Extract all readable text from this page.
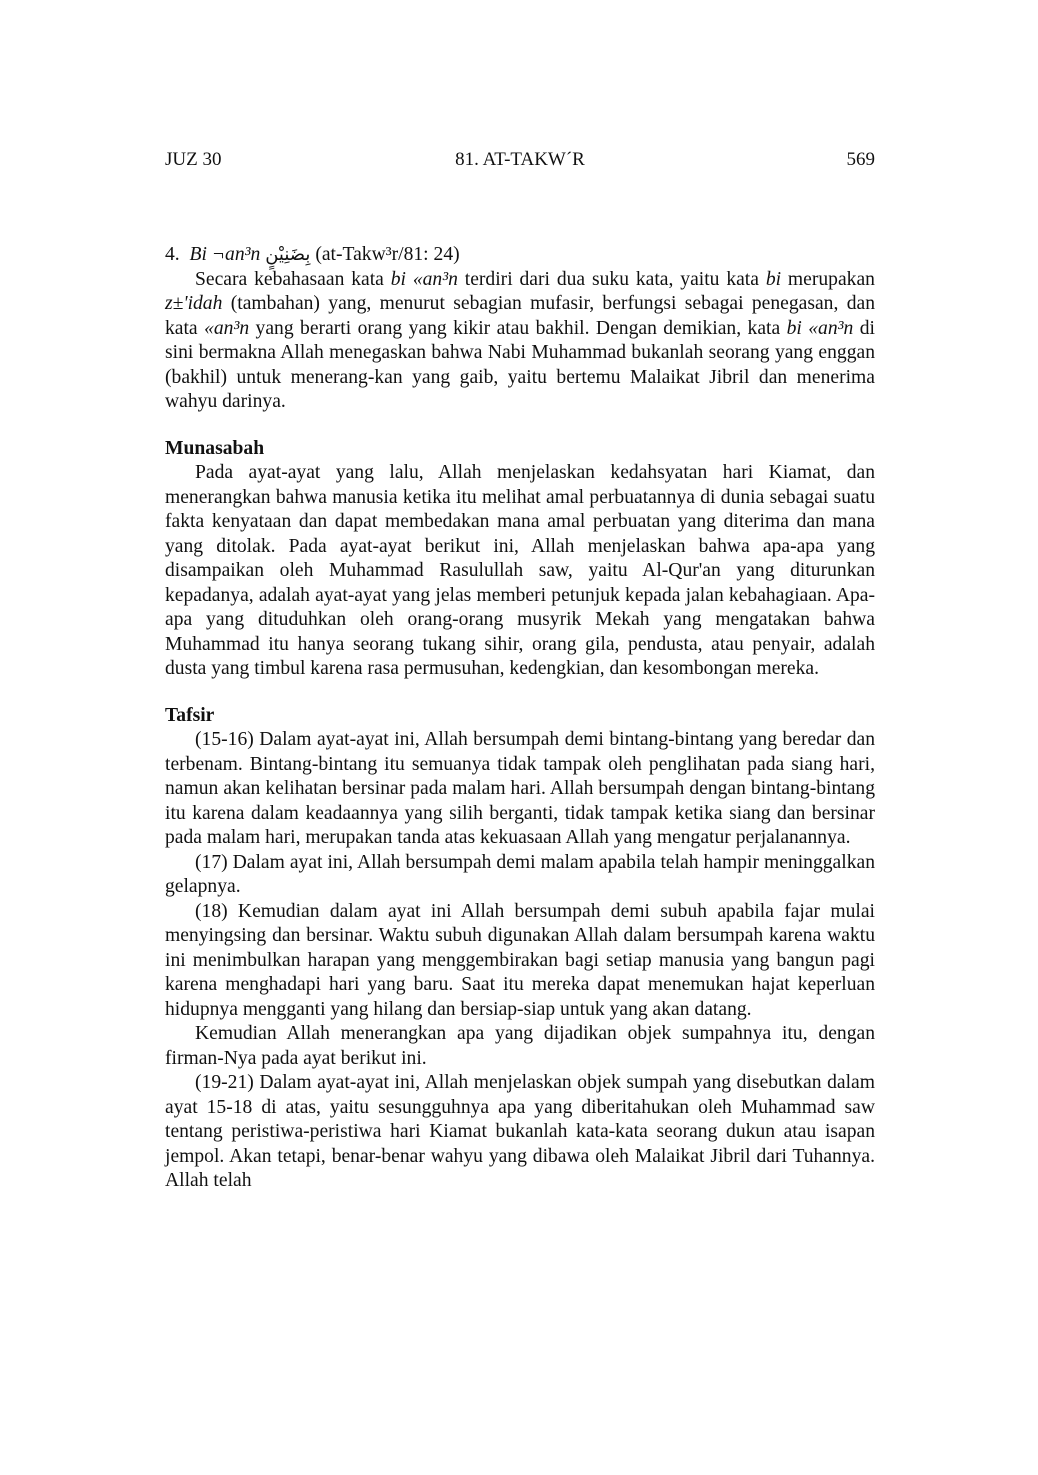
JUZ 30	81. AT-TAKW´R	569

4. Bi ¬an³n بِضَنِيْنٍ (at-Takw³r/81: 24)

Secara kebahasaan kata bi «an³n terdiri dari dua suku kata, yaitu kata bi merupakan z±'idah (tambahan) yang, menurut sebagian mufasir, berfungsi sebagai penegasan, dan kata «an³n yang berarti orang yang kikir atau bakhil. Dengan demikian, kata bi «an³n di sini bermakna Allah menegaskan bahwa Nabi Muhammad bukanlah seorang yang enggan (bakhil) untuk menerang-kan yang gaib, yaitu bertemu Malaikat Jibril dan menerima wahyu darinya.

Munasabah

Pada ayat-ayat yang lalu, Allah menjelaskan kedahsyatan hari Kiamat, dan menerangkan bahwa manusia ketika itu melihat amal perbuatannya di dunia sebagai suatu fakta kenyataan dan dapat membedakan mana amal perbuatan yang diterima dan mana yang ditolak. Pada ayat-ayat berikut ini, Allah menjelaskan bahwa apa-apa yang disampaikan oleh Muhammad Rasulullah saw, yaitu Al-Qur'an yang diturunkan kepadanya, adalah ayat-ayat yang jelas memberi petunjuk kepada jalan kebahagiaan. Apa-apa yang dituduhkan oleh orang-orang musyrik Mekah yang mengatakan bahwa Muhammad itu hanya seorang tukang sihir, orang gila, pendusta, atau penyair, adalah dusta yang timbul karena rasa permusuhan, kedengkian, dan kesombongan mereka.

Tafsir

(15-16) Dalam ayat-ayat ini, Allah bersumpah demi bintang-bintang yang beredar dan terbenam. Bintang-bintang itu semuanya tidak tampak oleh penglihatan pada siang hari, namun akan kelihatan bersinar pada malam hari. Allah bersumpah dengan bintang-bintang itu karena dalam keadaannya yang silih berganti, tidak tampak ketika siang dan bersinar pada malam hari, merupakan tanda atas kekuasaan Allah yang mengatur perjalanannya.

(17) Dalam ayat ini, Allah bersumpah demi malam apabila telah hampir meninggalkan gelapnya.

(18) Kemudian dalam ayat ini Allah bersumpah demi subuh apabila fajar mulai menyingsing dan bersinar. Waktu subuh digunakan Allah dalam bersumpah karena waktu ini menimbulkan harapan yang menggembirakan bagi setiap manusia yang bangun pagi karena menghadapi hari yang baru. Saat itu mereka dapat menemukan hajat keperluan hidupnya mengganti yang hilang dan bersiap-siap untuk yang akan datang.

Kemudian Allah menerangkan apa yang dijadikan objek sumpahnya itu, dengan firman-Nya pada ayat berikut ini.

(19-21) Dalam ayat-ayat ini, Allah menjelaskan objek sumpah yang disebutkan dalam ayat 15-18 di atas, yaitu sesungguhnya apa yang diberitahukan oleh Muhammad saw tentang peristiwa-peristiwa hari Kiamat bukanlah kata-kata seorang dukun atau isapan jempol. Akan tetapi, benar-benar wahyu yang dibawa oleh Malaikat Jibril dari Tuhannya. Allah telah
